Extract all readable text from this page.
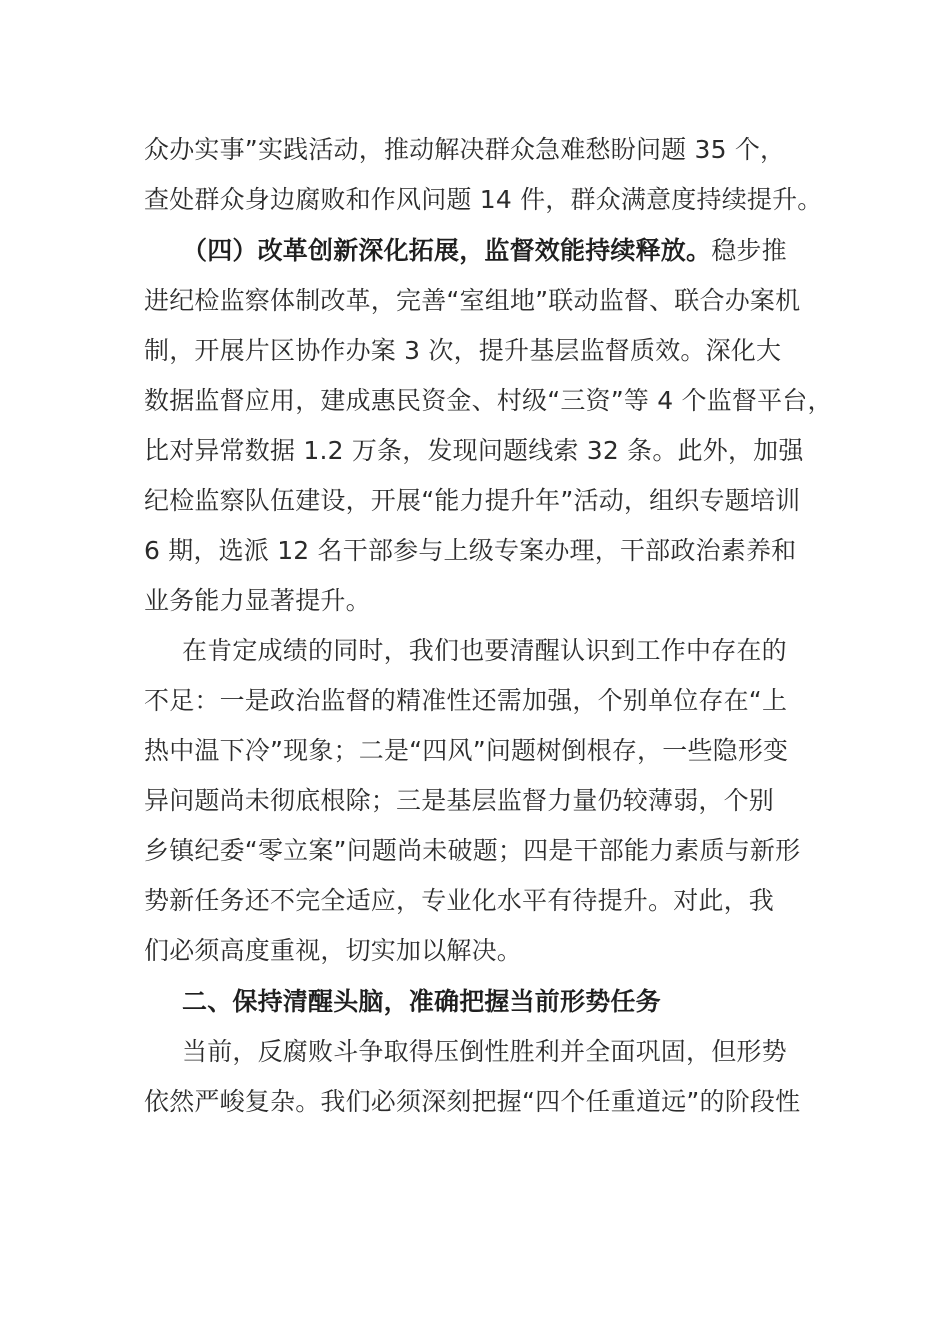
众办实事”实践活动，推动解决群众急难愁盼问题 35 个，
查处群众身边腐败和作风问题 14 件，群众满意度持续提升。
（四）改革创新深化拓展，监督效能持续释放。稳步推
进纪检监察体制改革，完善“室组地”联动监督、联合办案机
制，开展片区协作办案 3 次，提升基层监督质效。深化大
数据监督应用，建成惠民资金、村级“三资”等 4 个监督平台，
比对异常数据 1.2 万条，发现问题线索 32 条。此外，加强
纪检监察队伍建设，开展“能力提升年”活动，组织专题培训
6 期，选派 12 名干部参与上级专案办理，干部政治素养和
业务能力显著提升。
在肯定成绩的同时，我们也要清醒认识到工作中存在的
不足：一是政治监督的精准性还需加强，个别单位存在“上
热中温下冷”现象；二是“四风”问题树倒根存，一些隐形变
异问题尚未彻底根除；三是基层监督力量仍较薄弱，个别
乡镇纪委“零立案”问题尚未破题；四是干部能力素质与新形
势新任务还不完全适应，专业化水平有待提升。对此，我
们必须高度重视，切实加以解决。
二、保持清醒头脑，准确把握当前形势任务
当前，反腐败斗争取得压倒性胜利并全面巩固，但形势
依然严峻复杂。我们必须深刻把握“四个任重道远”的阶段性
